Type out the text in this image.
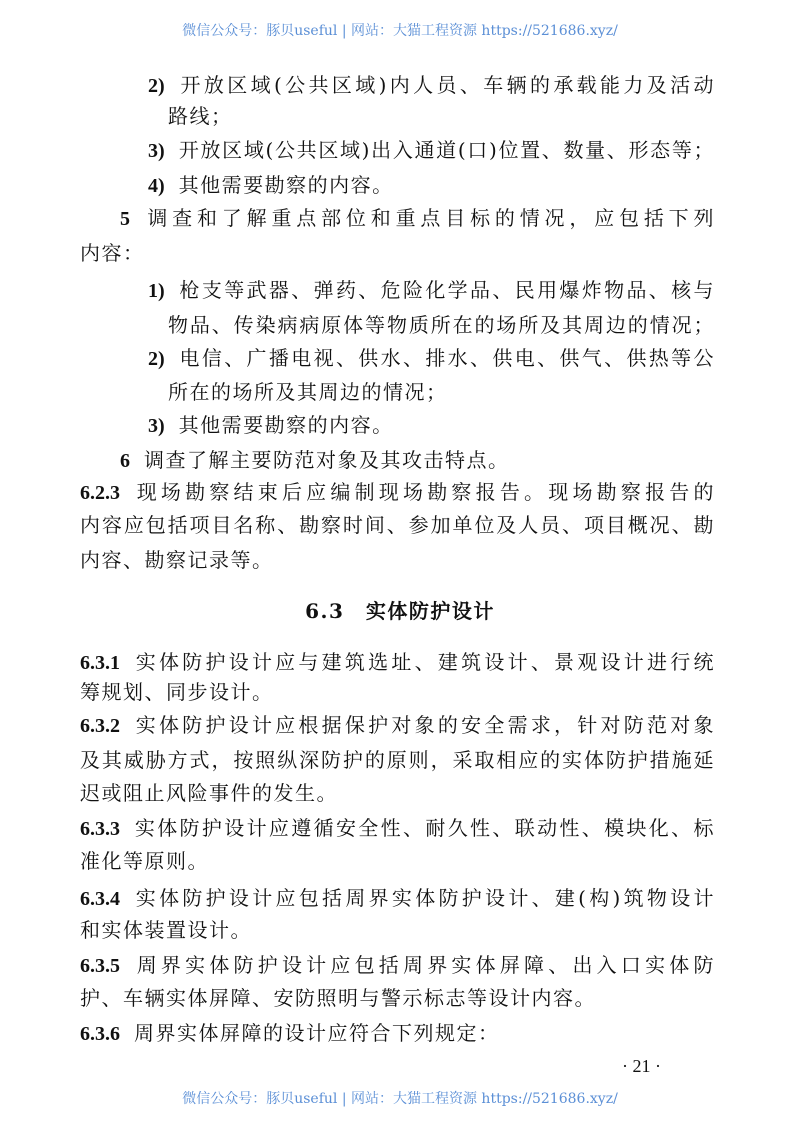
微信公众号：豚贝useful | 网站：大猫工程资源 https://521686.xyz/
2) 开放区域(公共区域)内人员、车辆的承载能力及活动
路线；
3) 开放区域(公共区域)出入通道(口)位置、数量、形态等；
4) 其他需要勘察的内容。
5 调查和了解重点部位和重点目标的情况，应包括下列
内容：
1) 枪支等武器、弹药、危险化学品、民用爆炸物品、核与
物品、传染病病原体等物质所在的场所及其周边的情况；
2) 电信、广播电视、供水、排水、供电、供气、供热等公
所在的场所及其周边的情况；
3) 其他需要勘察的内容。
6 调查了解主要防范对象及其攻击特点。
6.2.3 现场勘察结束后应编制现场勘察报告。现场勘察报告的
内容应包括项目名称、勘察时间、参加单位及人员、项目概况、勘
内容、勘察记录等。
6.3.1 实体防护设计应与建筑选址、建筑设计、景观设计进行统
筹规划、同步设计。
6.3.2 实体防护设计应根据保护对象的安全需求，针对防范对象
及其威胁方式，按照纵深防护的原则，采取相应的实体防护措施延
迟或阻止风险事件的发生。
6.3.3 实体防护设计应遵循安全性、耐久性、联动性、模块化、标
准化等原则。
6.3.4 实体防护设计应包括周界实体防护设计、建(构)筑物设计
和实体装置设计。
6.3.5 周界实体防护设计应包括周界实体屏障、出入口实体防
护、车辆实体屏障、安防照明与警示标志等设计内容。
6.3.6 周界实体屏障的设计应符合下列规定：
6.3　实体防护设计
· 21 ·
微信公众号：豚贝useful | 网站：大猫工程资源 https://521686.xyz/
